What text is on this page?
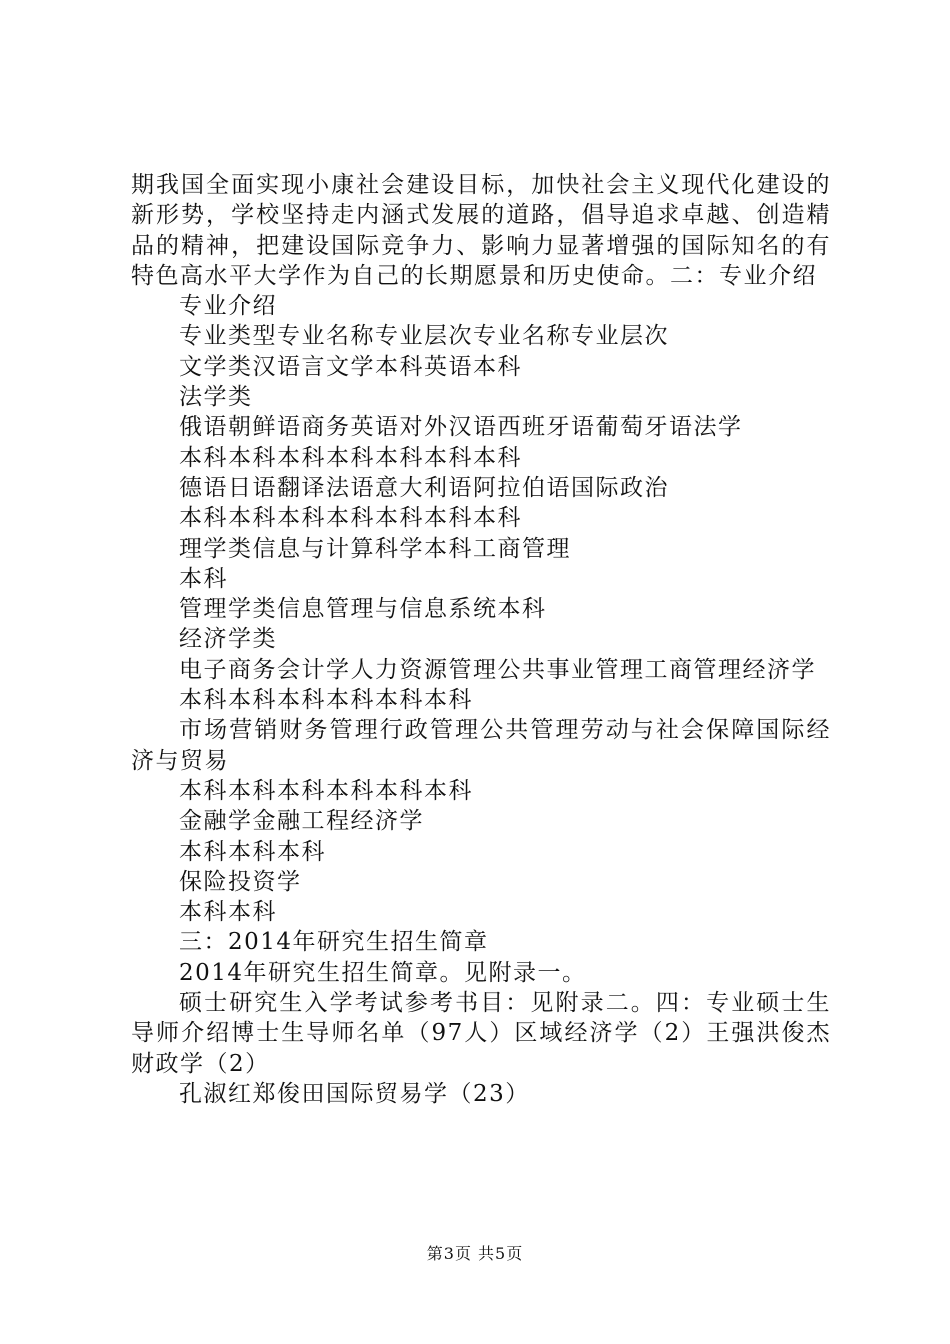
期我国全面实现小康社会建设目标，加快社会主义现代化建设的新形势，学校坚持走内涵式发展的道路，倡导追求卓越、创造精品的精神，把建设国际竞争力、影响力显著增强的国际知名的有特色高水平大学作为自己的长期愿景和历史使命。二：专业介绍

专业介绍

专业类型专业名称专业层次专业名称专业层次

文学类汉语言文学本科英语本科

法学类

俄语朝鲜语商务英语对外汉语西班牙语葡萄牙语法学

本科本科本科本科本科本科本科

德语日语翻译法语意大利语阿拉伯语国际政治

本科本科本科本科本科本科本科

理学类信息与计算科学本科工商管理

本科

管理学类信息管理与信息系统本科

经济学类

电子商务会计学人力资源管理公共事业管理工商管理经济学

本科本科本科本科本科本科

市场营销财务管理行政管理公共管理劳动与社会保障国际经济与贸易

本科本科本科本科本科本科

金融学金融工程经济学

本科本科本科

保险投资学

本科本科

三：2014年研究生招生简章

2014年研究生招生简章。见附录一。

硕士研究生入学考试参考书目：见附录二。四：专业硕士生导师介绍博士生导师名单（97人）区域经济学（2）王强洪俊杰财政学（2）

孔淑红郑俊田国际贸易学（23）

第3页 共5页
